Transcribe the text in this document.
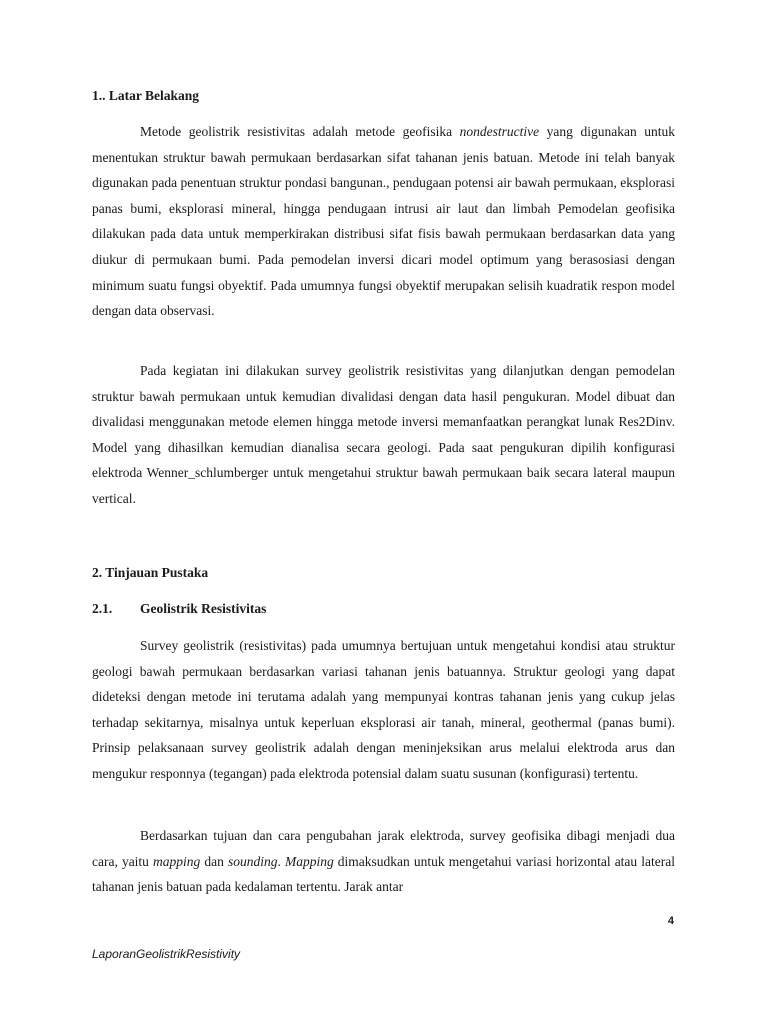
1.. Latar Belakang

Metode geolistrik resistivitas adalah metode geofisika nondestructive yang digunakan untuk menentukan struktur bawah permukaan berdasarkan sifat tahanan jenis batuan. Metode ini telah banyak digunakan pada penentuan struktur pondasi bangunan., pendugaan potensi air bawah permukaan, eksplorasi panas bumi, eksplorasi mineral, hingga pendugaan intrusi air laut dan limbah Pemodelan geofisika dilakukan pada data untuk memperkirakan distribusi sifat fisis bawah permukaan berdasarkan data yang diukur di permukaan bumi. Pada pemodelan inversi dicari model optimum yang berasosiasi dengan minimum suatu fungsi obyektif. Pada umumnya fungsi obyektif merupakan selisih kuadratik respon model dengan data observasi.

Pada kegiatan ini dilakukan survey geolistrik resistivitas yang dilanjutkan dengan pemodelan struktur bawah permukaan untuk kemudian divalidasi dengan data hasil pengukuran. Model dibuat dan divalidasi menggunakan metode elemen hingga metode inversi memanfaatkan perangkat lunak Res2Dinv. Model yang dihasilkan kemudian dianalisa secara geologi. Pada saat pengukuran dipilih konfigurasi elektroda Wenner_schlumberger untuk mengetahui struktur bawah permukaan baik secara lateral maupun vertical.

2. Tinjauan Pustaka
2.1. Geolistrik Resistivitas

Survey geolistrik (resistivitas) pada umumnya bertujuan untuk mengetahui kondisi atau struktur geologi bawah permukaan berdasarkan variasi tahanan jenis batuannya. Struktur geologi yang dapat dideteksi dengan metode ini terutama adalah yang mempunyai kontras tahanan jenis yang cukup jelas terhadap sekitarnya, misalnya untuk keperluan eksplorasi air tanah, mineral, geothermal (panas bumi). Prinsip pelaksanaan survey geolistrik adalah dengan meninjeksikan arus melalui elektroda arus dan mengukur responnya (tegangan) pada elektroda potensial dalam suatu susunan (konfigurasi) tertentu.

Berdasarkan tujuan dan cara pengubahan jarak elektroda, survey geofisika dibagi menjadi dua cara, yaitu mapping dan sounding. Mapping dimaksudkan untuk mengetahui variasi horizontal atau lateral tahanan jenis batuan pada kedalaman tertentu. Jarak antar

4
LaporanGeolistrikResistivity
